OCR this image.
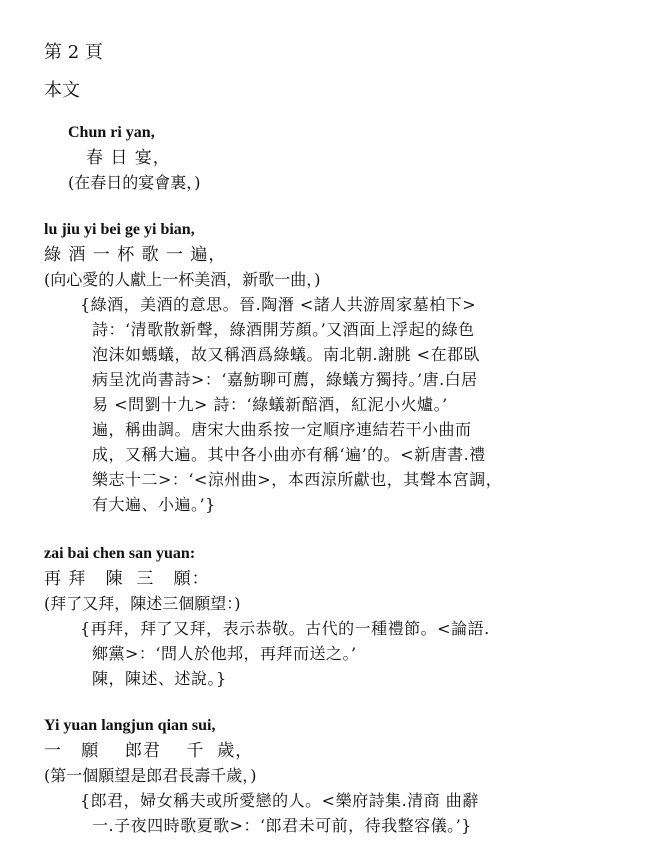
第 2 頁
本文
Chun ri yan,
春 日 宴，
(在春日的宴會裏，)
lu jiu yi bei ge yi bian,
綠 酒 一 杯 歌 一 遍，
(向心愛的人獻上一杯美酒，新歌一曲，)
{綠酒，美酒的意思。晉.陶潛 <諸人共游周家墓柏下>
詩：‘清歌散新聲，綠酒開芳顏。’又酒面上浮起的綠色
泡沫如螞蟻，故又稱酒爲綠蟻。南北朝.謝朓 <在郡臥
病呈沈尚書詩>：‘嘉魴聊可薦，綠蟻方獨持。’唐.白居
易 <問劉十九> 詩：‘綠蟻新醅酒，紅泥小火爐。’
遍，稱曲調。唐宋大曲系按一定順序連結若干小曲而
成，又稱大遍。其中各小曲亦有稱‘遍’的。<新唐書.禮
樂志十二>：‘<涼州曲>，本西涼所獻也，其聲本宮調，
有大遍、小遍。’}
zai bai chen san yuan:
再 拜   陳  三   願：
(拜了又拜，陳述三個願望：)
{再拜，拜了又拜，表示恭敬。古代的一種禮節。<論語.
鄉黨>：‘問人於他邦，再拜而送之。’
陳，陳述、述說。}
Yi yuan langjun qian sui,
一   願    郎君    千  歲，
(第一個願望是郎君長壽千歲，)
{郎君，婦女稱夫或所愛戀的人。<樂府詩集.清商 曲辭
一.子夜四時歌夏歌>：‘郎君未可前，待我整容儀。’}
